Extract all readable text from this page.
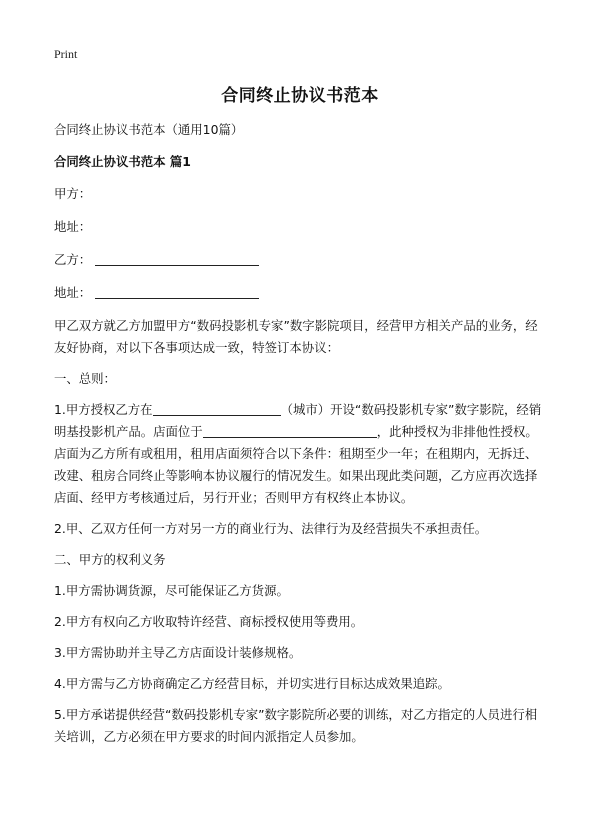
Print
合同终止协议书范本

合同终止协议书范本（通用10篇）

合同终止协议书范本 篇1

甲方：

地址：

乙方：

地址：

甲乙双方就乙方加盟甲方“数码投影机专家”数字影院项目，经营甲方相关产品的业务，经友好协商，对以下各事项达成一致，特签订本协议：

一、总则：

1.甲方授权乙方在	（城市）开设“数码投影机专家”数字影院，经销明基投影机产品。店面位于	，此种授权为非排他性授权。店面为乙方所有或租用，租用店面须符合以下条件：租期至少一年；在租期内，无拆迁、改建、租房合同终止等影响本协议履行的情况发生。如果出现此类问题，乙方应再次选择店面、经甲方考核通过后，另行开业；否则甲方有权终止本协议。

2.甲、乙双方任何一方对另一方的商业行为、法律行为及经营损失不承担责任。

二、甲方的权利义务

1.甲方需协调货源，尽可能保证乙方货源。

2.甲方有权向乙方收取特许经营、商标授权使用等费用。

3.甲方需协助并主导乙方店面设计装修规格。

4.甲方需与乙方协商确定乙方经营目标，并切实进行目标达成效果追踪。

5.甲方承诺提供经营“数码投影机专家”数字影院所必要的训练，对乙方指定的人员进行相关培训，乙方必须在甲方要求的时间内派指定人员参加。
